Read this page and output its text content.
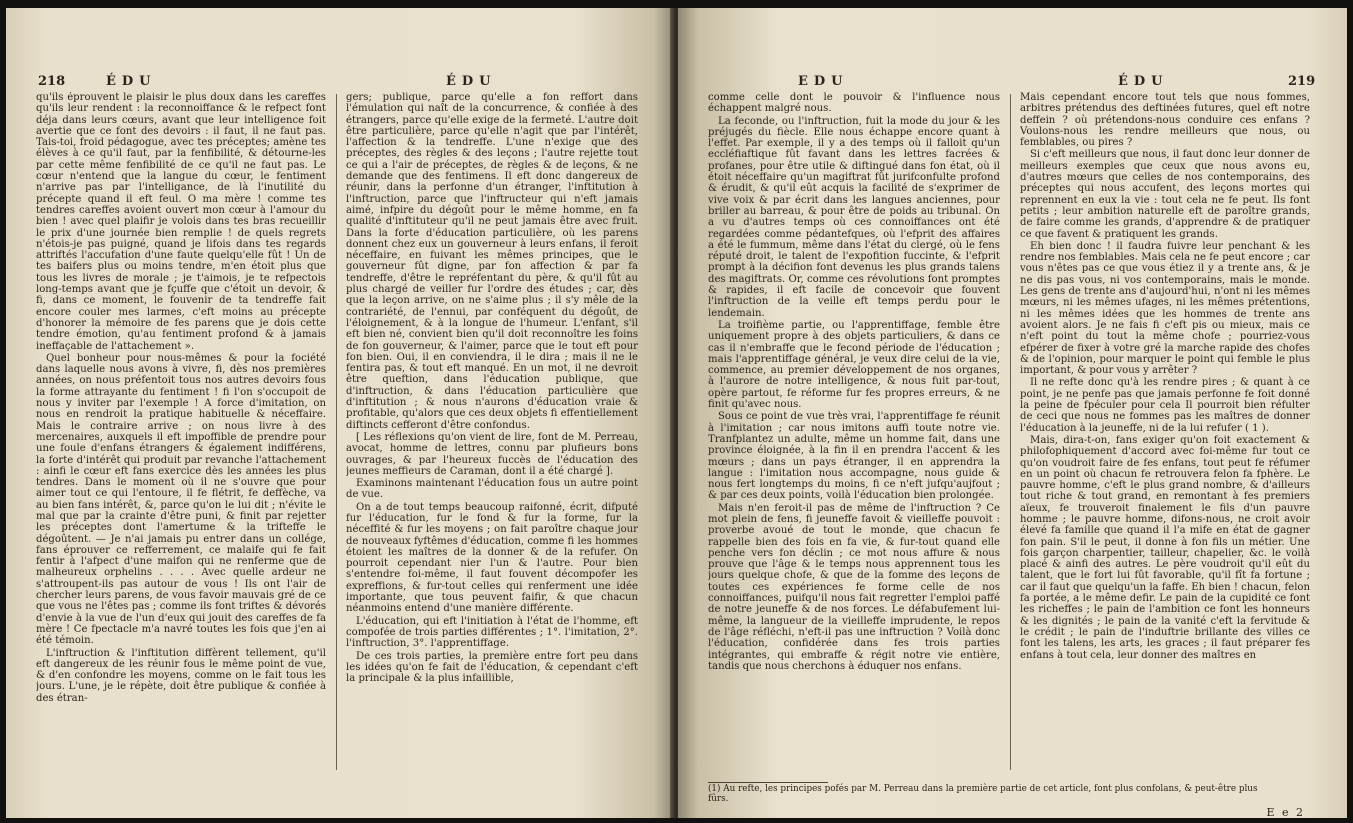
218	ÉDU	ÉDU

qu'ils éprouvent le plaisir le plus doux dans les careffes qu'ils leur rendent : la reconnoiffance & le refpect font déja dans leurs cœurs, avant que leur intelligence foit avertie que ce font des devoirs : il faut, il ne faut pas. Tais-toi, froid pédagogue, avec tes préceptes; amène tes élèves à ce qu'il faut, par la fenfibilité, & détourne-les par cette même fenfibilité de ce qu'il ne faut pas. Le cœur n'entend que la langue du cœur, le fentiment n'arrive pas par l'intelligance, de là l'inutilité du précepte quand il eft feul. O ma mère ! comme tes tendres careffes avoient ouvert mon cœur à l'amour du bien ! avec quel plaifir je volois dans tes bras recueillir le prix d'une journée bien remplie ! de quels regrets n'étois-je pas puigné, quand je lifois dans tes regards attriftés l'accufation d'une faute quelqu'elle fût ! Un de tes baifers plus ou moins tendre, m'en étoit plus que tous les livres de morale ; je t'aimois, je te refpectois long-temps avant que je fçuffe que c'étoit un devoir, & fi, dans ce moment, le fouvenir de ta tendreffe fait encore couler mes larmes, c'eft moins au précepte d'honorer la mémoire de fes parens que je dois cette tendre émotion, qu'au fentiment profond & à jamais ineffaçable de l'attachement ».

Quel bonheur pour nous-mêmes & pour la fociété dans laquelle nous avons à vivre, fi, dès nos premières années, on nous préfentoit tous nos autres devoirs fous la forme attrayante du fentiment ! fi l'on s'occupoit de nous y inviter par l'exemple ! A force d'imitation, on nous en rendroit la pratique habituelle & néceffaire. Mais le contraire arrive ; on nous livre à des mercenaires, auxquels il eft impoffible de prendre pour une foule d'enfans étrangers & également indifférens, la forte d'intérêt qui produit par revanche l'attachement : ainfi le cœur eft fans exercice dès les années les plus tendres. Dans le moment où il ne s'ouvre que pour aimer tout ce qui l'entoure, il fe flétrit, fe deffèche, va au bien fans intérêt, &, parce qu'on le lui dit ; n'évite le mal que par la crainte d'être puni, & finit par rejetter les préceptes dont l'amertume & la trifteffe le dégoûtent. — Je n'ai jamais pu entrer dans un collége, fans éprouver ce refferrement, ce malaife qui fe fait fentir à l'afpect d'une maifon qui ne renferme que de malheureux orphelins . . . . Avec quelle ardeur ne s'attroupent-ils pas autour de vous ! Ils ont l'air de chercher leurs parens, de vous favoir mauvais gré de ce que vous ne l'êtes pas ; comme ils font triftes & dévorés d'envie à la vue de l'un d'eux qui jouit des careffes de fa mère ! Ce fpectacle m'a navré toutes les fois que j'en ai été témoin.

L'inftruction & l'inftitution diffèrent tellement, qu'il eft dangereux de les réunir fous le même point de vue, & d'en confondre les moyens, comme on le fait tous les jours. L'une, je le répète, doit être publique & confiée à des étran-

gers; publique, parce qu'elle a fon reffort dans l'émulation qui naît de la concurrence, & confiée à des étrangers, parce qu'elle exige de la fermeté. L'autre doit être particulière, parce qu'elle n'agit que par l'intérêt, l'affection & la tendreffe. L'une n'exige que des préceptes, des règles & des leçons ; l'autre rejette tout ce qui a l'air de préceptes, de règles & de leçons, & ne demande que des fentimens. Il eft donc dangereux de réunir, dans la perfonne d'un étranger, l'inftitution à l'inftruction, parce que l'inftructeur qui n'eft jamais aimé, infpire du dégoût pour le même homme, en fa qualité d'inftituteur qu'il ne peut jamais être avec fruit. Dans la forte d'éducation particulière, où les parens donnent chez eux un gouverneur à leurs enfans, il feroit néceffaire, en fuivant les mêmes principes, que le gouverneur fût digne, par fon affection & par fa tendreffe, d'être le repréfentant du père, & qu'il fût au plus chargé de veiller fur l'ordre des études ; car, dès que la leçon arrive, on ne s'aime plus ; il s'y mêle de la contrariété, de l'ennui, par conféquent du dégoût, de l'éloignement, & à la longue de l'humeur. L'enfant, s'il eft bien né, convient bien qu'il doit reconnoître les foins de fon gouverneur, & l'aimer, parce que le tout eft pour fon bien. Oui, il en conviendra, il le dira ; mais il ne le fentira pas, & tout eft manqué. En un mot, il ne devroit être queftion, dans l'éducation publique, que d'inftruction, & dans l'éducation particulière que d'inftitution ; & nous n'aurons d'éducation vraie & profitable, qu'alors que ces deux objets fi effentiellement diftincts cefferont d'être confondus.

[ Les réflexions qu'on vient de lire, font de M. Perreau, avocat, homme de lettres, connu par plufieurs bons ouvrages, & par l'heureux fuccès de l'éducation des jeunes meffieurs de Caraman, dont il a été chargé ].

Examinons maintenant l'éducation fous un autre point de vue.

On a de tout temps beaucoup raifonné, écrit, difputé fur l'éducation, fur le fond & fur la forme, fur la néceffité & fur les moyens ; on fait paroître chaque jour de nouveaux fyftêmes d'éducation, comme fi les hommes étoient les maîtres de la donner & de la refufer. On pourroit cependant nier l'un & l'autre. Pour bien s'entendre foi-même, il faut fouvent décompofer les expreffions, & fur-tout celles qui renferment une idée importante, que tous peuvent faifir, & que chacun néanmoins entend d'une manière différente.

L'éducation, qui eft l'initiation à l'état de l'homme, eft compofée de trois parties différentes ; 1°. l'imitation, 2°. l'inftruction, 3°. l'apprentiffage.

De ces trois parties, la première entre fort peu dans les idées qu'on fe fait de l'éducation, & cependant c'eft la principale & la plus infaillible,

EDU	ÉDU	219

comme celle dont le pouvoir & l'influence nous échappent malgré nous.

La feconde, ou l'inftruction, fuit la mode du jour & les préjugés du fiècle. Elle nous échappe encore quant à l'effet. Par exemple, il y a des temps où il falloit qu'un eccléfiaftique fût favant dans les lettres facrées & profanes, pour être utile & diftingué dans fon état, où il étoit néceffaire qu'un magiftrat fût jurifconfulte profond & érudit, & qu'il eût acquis la facilité de s'exprimer de vive voix & par écrit dans les langues anciennes, pour briller au barreau, & pour être de poids au tribunal. On a vu d'autres temps où ces connoiffances ont été regardées comme pédantefques, où l'efprit des affaires a été le fummum, même dans l'état du clergé, où le fens réputé droit, le talent de l'expofition fuccinte, & l'efprit prompt à la décifion font devenus les plus grands talens des magiftrats. Or, comme ces révolutions font promptes & rapides, il eft facile de concevoir que fouvent l'inftruction de la veille eft temps perdu pour le lendemain.

La troifième partie, ou l'apprentiffage, femble être uniquement propre à des objets particuliers, & dans ce cas il n'embraffe que le fecond période de l'éducation ; mais l'apprentiffage général, je veux dire celui de la vie, commence, au premier développement de nos organes, à l'aurore de notre intelligence, & nous fuit par-tout, opère partout, fe réforme fur fes propres erreurs, & ne finit qu'avec nous.

Sous ce point de vue très vrai, l'apprentiffage fe réunit à l'imitation ; car nous imitons auffi toute notre vie. Tranfplantez un adulte, même un homme fait, dans une province éloignée, à la fin il en prendra l'accent & les mœurs ; dans un pays étranger, il en apprendra la langue : l'imitation nous accompagne, nous guide & nous fert longtemps du moins, fi ce n'eft jufqu'aujfout ; & par ces deux points, voilà l'éducation bien prolongée.

Mais n'en feroit-il pas de même de l'inftruction ? Ce mot plein de fens, fi jeuneffe favoit & vieilleffe pouvoit : proverbe avoué de tout le monde, que chacun fe rappelle bien des fois en fa vie, & fur-tout quand elle penche vers fon déclin ; ce mot nous affure & nous prouve que l'âge & le temps nous apprennent tous les jours quelque chofe, & que de la fomme des leçons de toutes ces expériences fe forme celle de nos connoiffances, puifqu'il nous fait regretter l'emploi paffé de notre jeuneffe & de nos forces. Le défabufement lui-même, la langueur de la vieilleffe imprudente, le repos de l'âge réfléchi, n'eft-il pas une inftruction ? Voilà donc l'éducation, confidérée dans fes trois parties intégrantes, qui embraffe & régit notre vie entière, tandis que nous cherchons à éduquer nos enfans.

Mais cependant encore tout tels que nous fommes, arbitres prétendus des deftinées futures, quel eft notre deffein ? où prétendons-nous conduire ces enfans ? Voulons-nous les rendre meilleurs que nous, ou femblables, ou pires ?

Si c'eft meilleurs que nous, il faut donc leur donner de meilleurs exemples que ceux que nous avons eu, d'autres mœurs que celles de nos contemporains, des préceptes qui nous accufent, des leçons mortes qui reprennent en eux la vie : tout cela ne fe peut. Ils font petits ; leur ambition naturelle eft de paroître grands, de faire comme les grands, d'apprendre & de pratiquer ce que favent & pratiquent les grands.

Eh bien donc ! il faudra fuivre leur penchant & les rendre nos femblables. Mais cela ne fe peut encore ; car vous n'êtes pas ce que vous étiez il y a trente ans, & je ne dis pas vous, ni vos contemporains, mais le monde. Les gens de trente ans d'aujourd'hui, n'ont ni les mêmes mœurs, ni les mêmes ufages, ni les mêmes prétentions, ni les mêmes idées que les hommes de trente ans avoient alors. Je ne fais fi c'eft pis ou mieux, mais ce n'eft point du tout la même chofe ; pourriez-vous efpérer de fixer à votre gré la marche rapide des chofes & de l'opinion, pour marquer le point qui femble le plus important, & pour vous y arrêter ?

Il ne refte donc qu'à les rendre pires ; & quant à ce point, je ne penfe pas que jamais perfonne fe foit donné la peine de fpéculer pour cela Il pourroit bien réfulter de ceci que nous ne fommes pas les maîtres de donner l'éducation à la jeuneffe, ni de la lui refufer ( 1 ).

Mais, dira-t-on, fans exiger qu'on foit exactement & philofophiquement d'accord avec foi-même fur tout ce qu'on voudroit faire de fes enfans, tout peut fe réfumer en un point où chacun fe retrouvera felon fa fphère. Le pauvre homme, c'eft le plus grand nombre, & d'ailleurs tout riche & tout grand, en remontant à fes premiers aïeux, fe trouveroit finalement le fils d'un pauvre homme ; le pauvre homme, difons-nous, ne croit avoir élevé fa famille que quand il l'a mife en état de gagner fon pain. S'il le peut, il donne à fon fils un métier. Une fois garçon charpentier, tailleur, chapelier, &c. le voilà placé & ainfi des autres. Le père voudroit qu'il eût du talent, que le fort lui fût favorable, qu'il fît fa fortune ; car il faut que quelqu'un la faffe. Eh bien ! chacun, felon fa portée, a le même defir. Le pain de la cupidité ce font les richeffes ; le pain de l'ambition ce font les honneurs & les dignités ; le pain de la vanité c'eft la fervitude & le crédit ; le pain de l'induftrie brillante des villes ce font les talens, les arts, les graces ; il faut préparer fes enfans à tout cela, leur donner des maîtres en

(1) Au refte, les principes pofés par M. Perreau dans la première partie de cet article, font plus confolans, & peut-être plus fûrs.
E e 2
